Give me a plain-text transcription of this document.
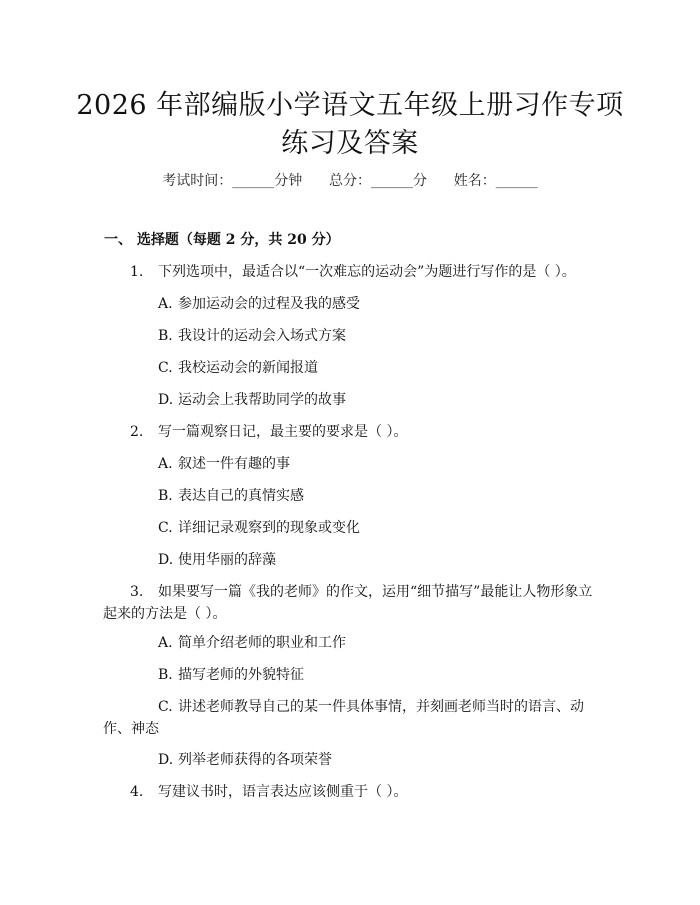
2026 年部编版小学语文五年级上册习作专项
练习及答案
考试时间：______分钟      总分：______分      姓名：______
一、 选择题（每题 2 分，共 20 分）
1. 下列选项中，最适合以“一次难忘的运动会”为题进行写作的是（ ）。
A. 参加运动会的过程及我的感受
B. 我设计的运动会入场式方案
C. 我校运动会的新闻报道
D. 运动会上我帮助同学的故事
2. 写一篇观察日记，最主要的要求是（ ）。
A. 叙述一件有趣的事
B. 表达自己的真情实感
C. 详细记录观察到的现象或变化
D. 使用华丽的辞藻
3. 如果要写一篇《我的老师》的作文，运用“细节描写”最能让人物形象立
起来的方法是（ ）。
A. 简单介绍老师的职业和工作
B. 描写老师的外貌特征
C. 讲述老师教导自己的某一件具体事情，并刻画老师当时的语言、动
作、神态
D. 列举老师获得的各项荣誉
4. 写建议书时，语言表达应该侧重于（ ）。
